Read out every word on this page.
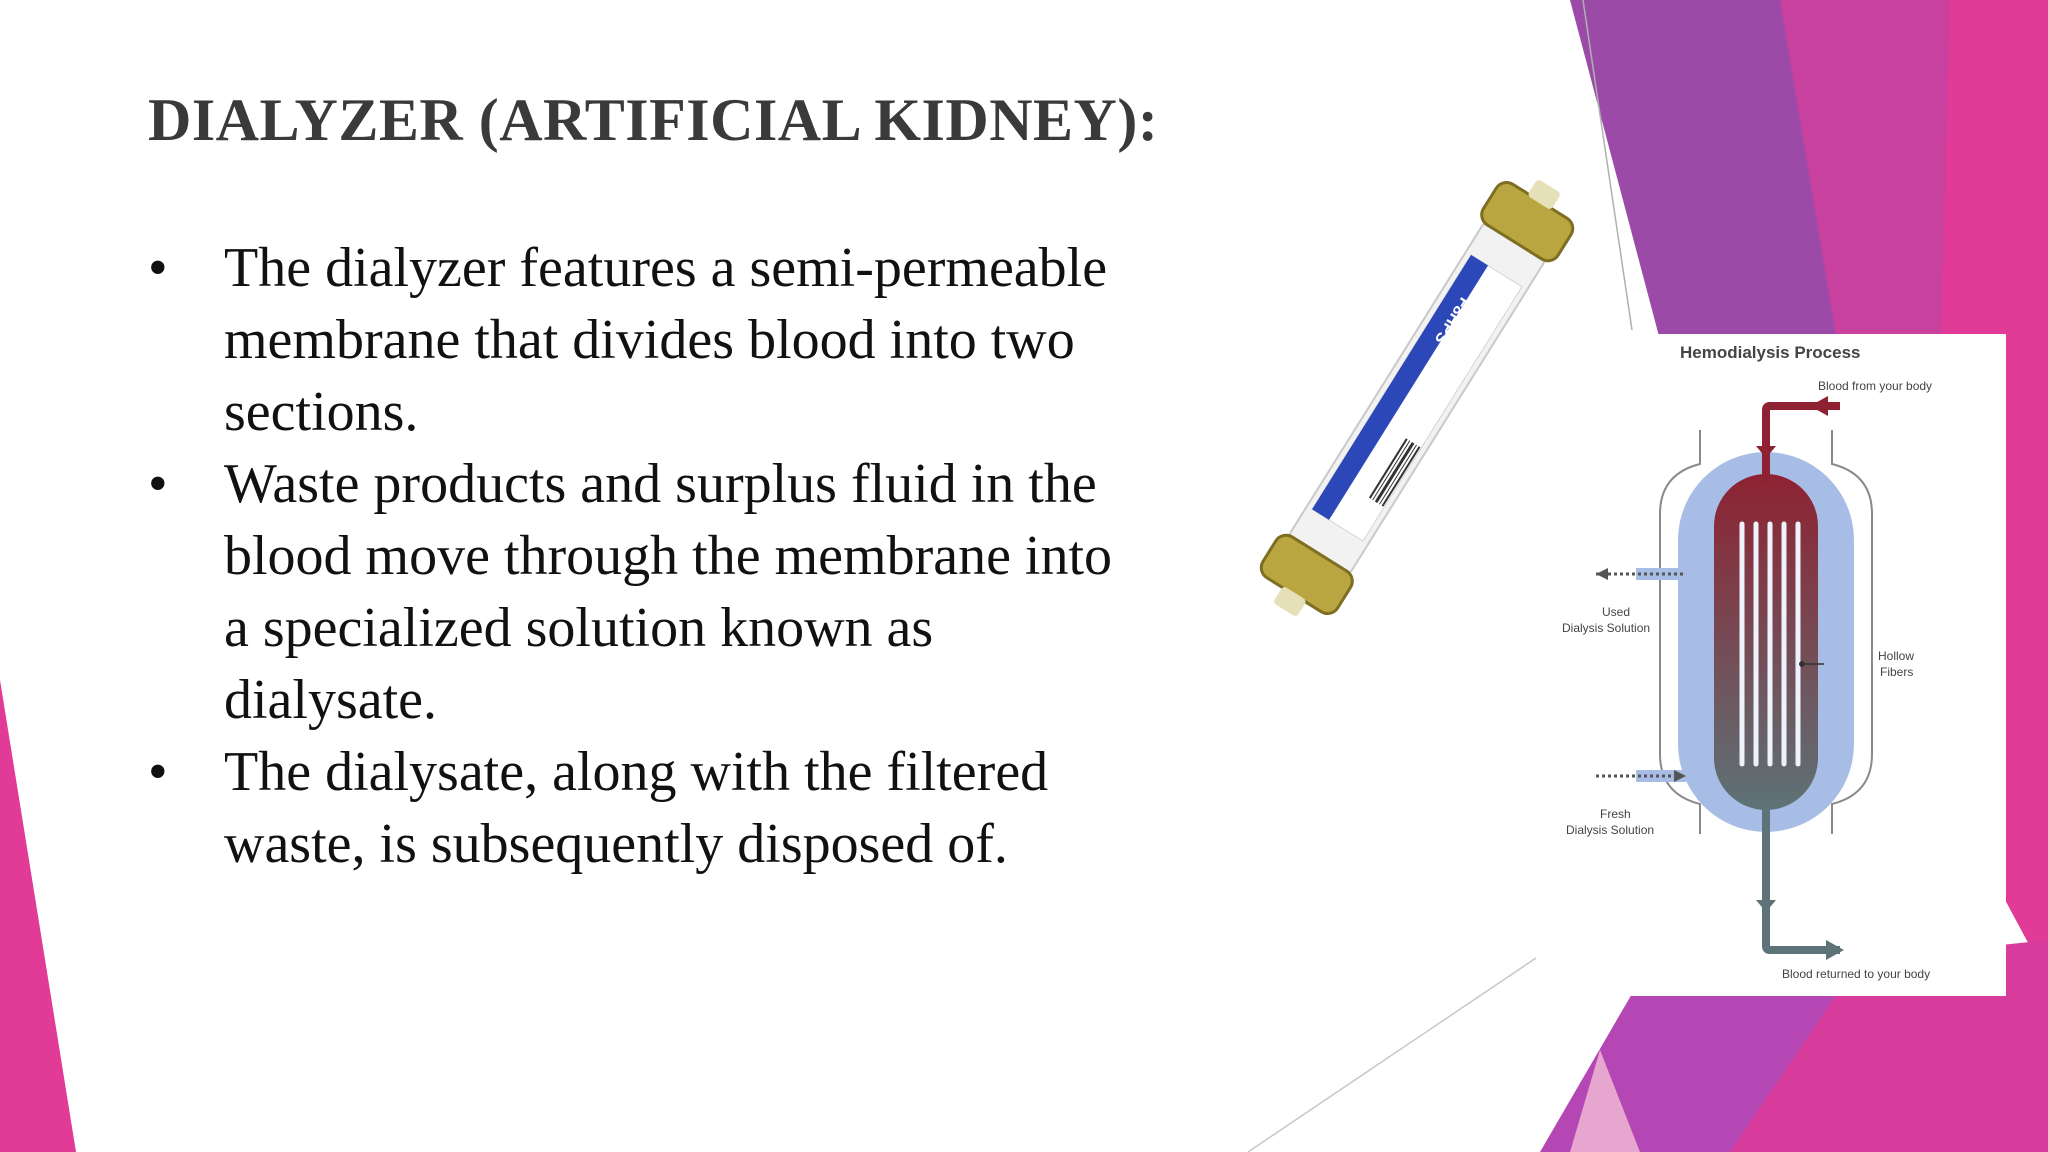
DIALYZER (ARTIFICIAL KIDNEY):
• The dialyzer features a semi-permeable membrane that divides blood into two sections.
• Waste products and surplus fluid in the blood move through the membrane into a specialized solution known as dialysate.
• The dialysate, along with the filtered waste, is subsequently disposed of.
F8HPS
Hemodialysis Process
Blood from your body
Used
Dialysis Solution
Hollow
Fibers
Fresh
Dialysis Solution
Blood returned to your body
